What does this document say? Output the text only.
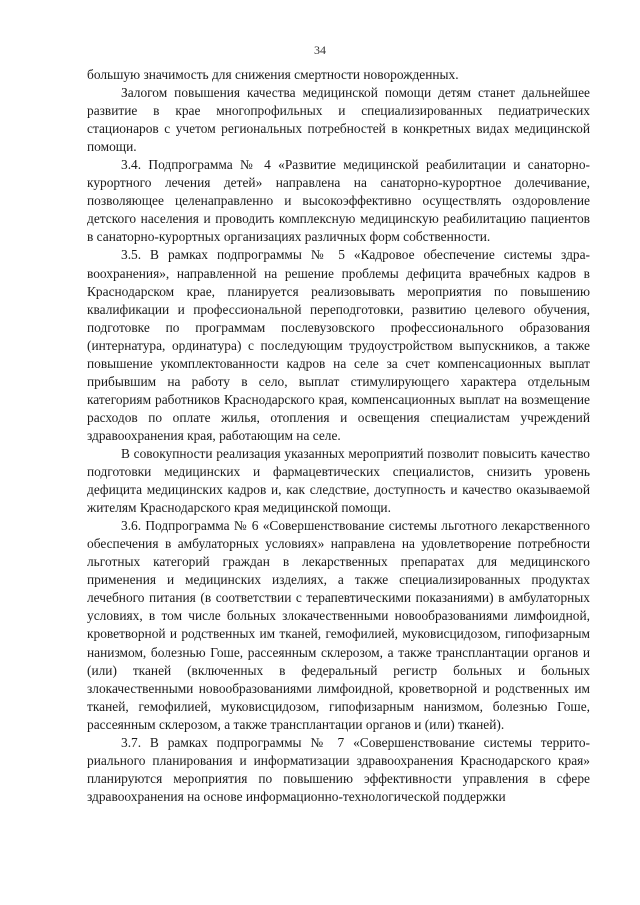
34

большую значимость для снижения смертности новорожденных.

Залогом повышения качества медицинской помощи детям станет дальнейшее развитие в крае многопрофильных и специализированных педиатрических стационаров с учетом региональных потребностей в конкретных видах медицинской помощи.

3.4. Подпрограмма № 4 «Развитие медицинской реабилитации и санаторно-курортного лечения детей» направлена на санаторно-курортное долечивание, позволяющее целенаправленно и высокоэффективно осуществлять оздоровление детского населения и проводить комплексную медицинскую реабилитацию пациентов в санаторно-курортных организациях различных форм собственности.

3.5. В рамках подпрограммы № 5 «Кадровое обеспечение системы здравоохранения», направленной на решение проблемы дефицита врачебных кадров в Краснодарском крае, планируется реализовывать мероприятия по повышению квалификации и профессиональной переподготовки, развитию целевого обучения, подготовке по программам послевузовского профессионального образования (интернатура, ординатура) с последующим трудоустройством выпускников, а также повышение укомплектованности кадров на селе за счет компенсационных выплат прибывшим на работу в село, выплат стимулирующего характера отдельным категориям работников Краснодарского края, компенсационных выплат на возмещение расходов по оплате жилья, отопления и освещения специалистам учреждений здравоохранения края, работающим на селе.

В совокупности реализация указанных мероприятий позволит повысить качество подготовки медицинских и фармацевтических специалистов, снизить уровень дефицита медицинских кадров и, как следствие, доступность и качество оказываемой жителям Краснодарского края медицинской помощи.

3.6. Подпрограмма № 6 «Совершенствование системы льготного лекарственного обеспечения в амбулаторных условиях» направлена на удовлетворение потребности льготных категорий граждан в лекарственных препаратах для медицинского применения и медицинских изделиях, а также специализированных продуктах лечебного питания (в соответствии с терапевтическими показаниями) в амбулаторных условиях, в том числе больных злокачественными новообразованиями лимфоидной, кроветворной и родственных им тканей, гемофилией, муковисцидозом, гипофизарным нанизмом, болезнью Гоше, рассеянным склерозом, а также трансплантации органов и (или) тканей (включенных в федеральный регистр больных и больных злокачественными новообразованиями лимфоидной, кроветворной и родственных им тканей, гемофилией, муковисцидозом, гипофизарным нанизмом, болезнью Гоше, рассеянным склерозом, а также трансплантации органов и (или) тканей).

3.7. В рамках подпрограммы № 7 «Совершенствование системы территориального планирования и информатизации здравоохранения Краснодарского края» планируются мероприятия по повышению эффективности управления в сфере здравоохранения на основе информационно-технологической поддержки
